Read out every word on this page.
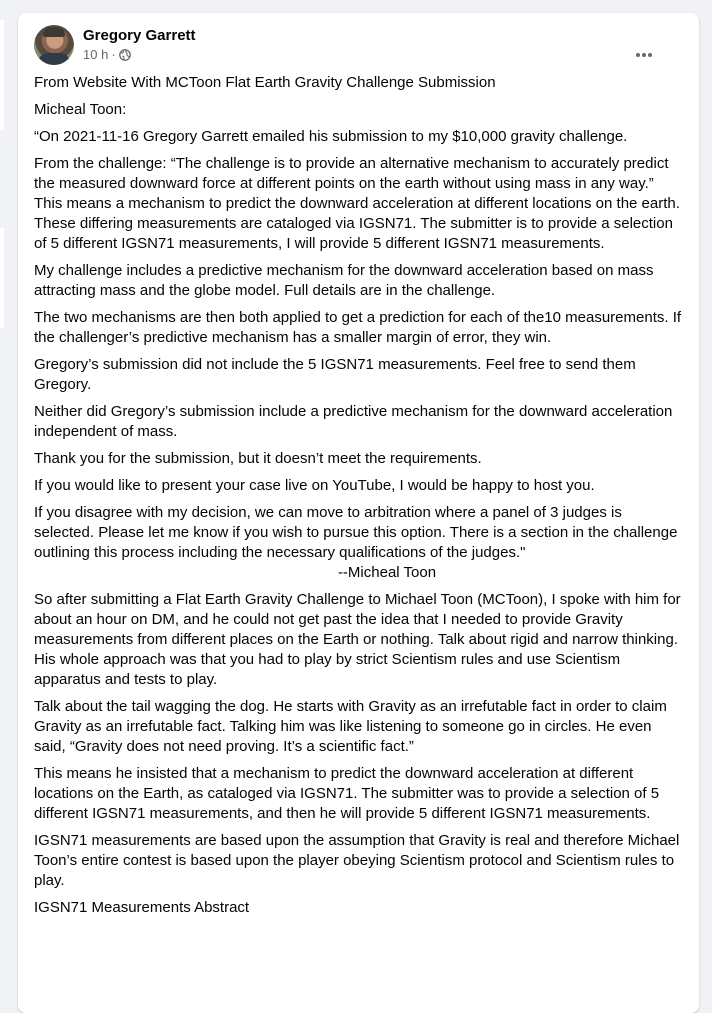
Gregory Garrett
10 h ·

From Website With MCToon Flat Earth Gravity Challenge Submission

Micheal Toon:

“On 2021-11-16 Gregory Garrett emailed his submission to my $10,000 gravity challenge.

From the challenge: “The challenge is to provide an alternative mechanism to accurately predict the measured downward force at different points on the earth without using mass in any way.”

This means a mechanism to predict the downward acceleration at different locations on the earth. These differing measurements are cataloged via IGSN71. The submitter is to provide a selection of 5 different IGSN71 measurements, I will provide 5 different IGSN71 measurements.

My challenge includes a predictive mechanism for the downward acceleration based on mass attracting mass and the globe model. Full details are in the challenge.

The two mechanisms are then both applied to get a prediction for each of the10 measurements. If the challenger’s predictive mechanism has a smaller margin of error, they win.

Gregory’s submission did not include the 5 IGSN71 measurements. Feel free to send them Gregory.

Neither did Gregory’s submission include a predictive mechanism for the downward acceleration independent of mass.

Thank you for the submission, but it doesn’t meet the requirements.

If you would like to present your case live on YouTube, I would be happy to host you.

If you disagree with my decision, we can move to arbitration where a panel of 3 judges is selected. Please let me know if you wish to pursue this option. There is a section in the challenge outlining this process including the necessary qualifications of the judges."

--Micheal Toon

So after submitting a Flat Earth Gravity Challenge to Michael Toon (MCToon), I spoke with him for about an hour on DM, and he could not get past the idea that I needed to provide Gravity measurements from different places on the Earth or nothing. Talk about rigid and narrow thinking. His whole approach was that you had to play by strict Scientism rules and use Scientism apparatus and tests to play.

Talk about the tail wagging the dog. He starts with Gravity as an irrefutable fact in order to claim Gravity as an irrefutable fact. Talking him was like listening to someone go in circles. He even said, “Gravity does not need proving. It’s a scientific fact.”

This means he insisted that a mechanism to predict the downward acceleration at different locations on the Earth, as cataloged via IGSN71. The submitter was to provide a selection of 5 different IGSN71 measurements, and then he will provide 5 different IGSN71 measurements.

IGSN71 measurements are based upon the assumption that Gravity is real and therefore Michael Toon’s entire contest is based upon the player obeying Scientism protocol and Scientism rules to play.

IGSN71 Measurements Abstract
